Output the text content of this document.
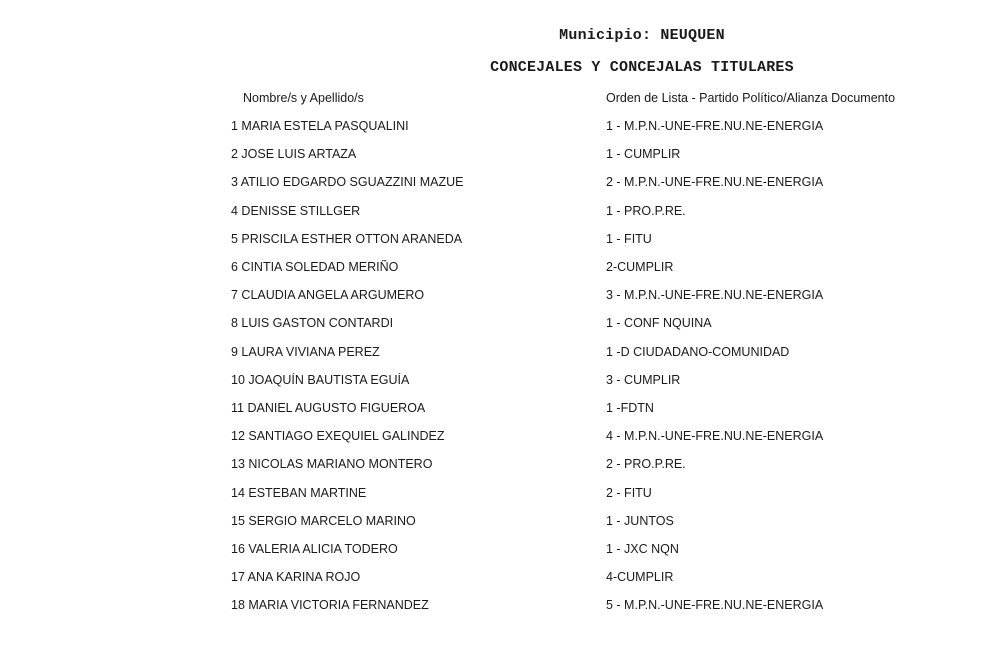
Municipio: NEUQUEN
CONCEJALES Y CONCEJALAS TITULARES
Nombre/s y Apellido/s	Orden de Lista - Partido Político/Alianza Documento
1 MARIA ESTELA PASQUALINI	1 - M.P.N.-UNE-FRE.NU.NE-ENERGIA
2 JOSE LUIS ARTAZA	1 - CUMPLIR
3 ATILIO EDGARDO SGUAZZINI MAZUE	2 - M.P.N.-UNE-FRE.NU.NE-ENERGIA
4 DENISSE STILLGER	1 - PRO.P.RE.
5 PRISCILA ESTHER OTTON ARANEDA	1 - FITU
6 CINTIA SOLEDAD MERIÑO	2-CUMPLIR
7 CLAUDIA ANGELA ARGUMERO	3 - M.P.N.-UNE-FRE.NU.NE-ENERGIA
8 LUIS GASTON CONTARDI	1 - CONF NQUINA
9 LAURA VIVIANA PEREZ	1 -D CIUDADANO-COMUNIDAD
10 JOAQUÍN BAUTISTA EGUÍA	3 - CUMPLIR
11 DANIEL AUGUSTO FIGUEROA	1 -FDTN
12 SANTIAGO EXEQUIEL GALINDEZ	4 - M.P.N.-UNE-FRE.NU.NE-ENERGIA
13 NICOLAS MARIANO MONTERO	2 - PRO.P.RE.
14 ESTEBAN MARTINE	2 - FITU
15 SERGIO MARCELO MARINO	1 - JUNTOS
16 VALERIA ALICIA TODERO	1 - JXC NQN
17 ANA KARINA ROJO	4-CUMPLIR
18 MARIA VICTORIA FERNANDEZ	5 - M.P.N.-UNE-FRE.NU.NE-ENERGIA
